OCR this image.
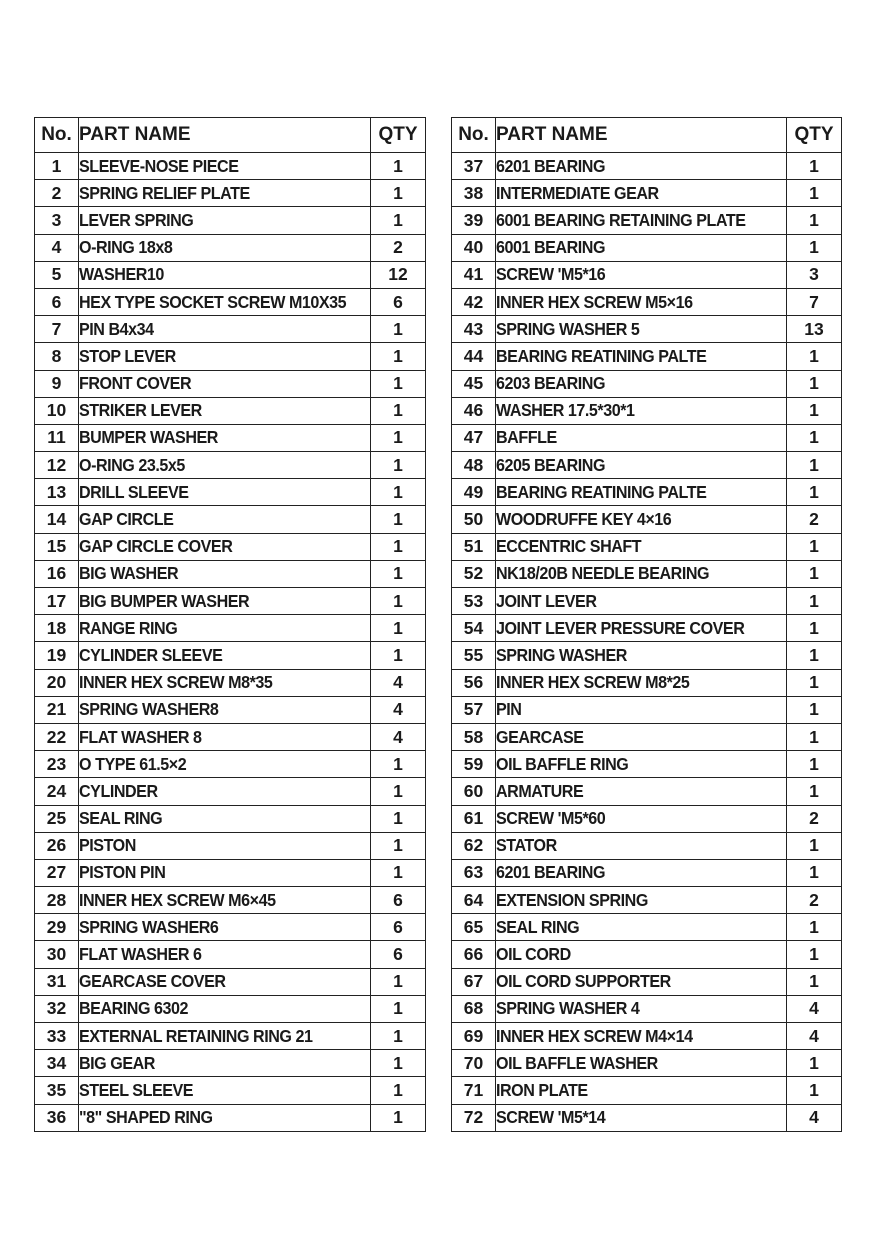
No.	PART NAME	QTY
1	SLEEVE-NOSE PIECE	1
2	SPRING RELIEF PLATE	1
3	LEVER SPRING	1
4	O-RING 18x8	2
5	WASHER10	12
6	HEX TYPE SOCKET SCREW M10X35	6
7	PIN B4x34	1
8	STOP LEVER	1
9	FRONT COVER	1
10	STRIKER LEVER	1
11	BUMPER WASHER	1
12	O-RING 23.5x5	1
13	DRILL SLEEVE	1
14	GAP CIRCLE	1
15	GAP CIRCLE COVER	1
16	BIG WASHER	1
17	BIG BUMPER WASHER	1
18	RANGE RING	1
19	CYLINDER SLEEVE	1
20	INNER HEX SCREW M8*35	4
21	SPRING WASHER8	4
22	FLAT WASHER 8	4
23	O TYPE 61.5×2	1
24	CYLINDER	1
25	SEAL RING	1
26	PISTON	1
27	PISTON PIN	1
28	INNER HEX SCREW M6×45	6
29	SPRING WASHER6	6
30	FLAT WASHER 6	6
31	GEARCASE COVER	1
32	BEARING 6302	1
33	EXTERNAL RETAINING RING 21	1
34	BIG GEAR	1
35	STEEL SLEEVE	1
36	"8" SHAPED RING	1
No.	PART NAME	QTY
37	6201 BEARING	1
38	INTERMEDIATE GEAR	1
39	6001 BEARING RETAINING PLATE	1
40	6001 BEARING	1
41	SCREW 'M5*16	3
42	INNER HEX SCREW M5×16	7
43	SPRING WASHER 5	13
44	BEARING REATINING PALTE	1
45	6203 BEARING	1
46	WASHER 17.5*30*1	1
47	BAFFLE	1
48	6205 BEARING	1
49	BEARING REATINING PALTE	1
50	WOODRUFFE KEY 4×16	2
51	ECCENTRIC SHAFT	1
52	NK18/20B NEEDLE BEARING	1
53	JOINT LEVER	1
54	JOINT LEVER PRESSURE COVER	1
55	SPRING WASHER	1
56	INNER HEX SCREW M8*25	1
57	PIN	1
58	GEARCASE	1
59	OIL BAFFLE RING	1
60	ARMATURE	1
61	SCREW 'M5*60	2
62	STATOR	1
63	6201 BEARING	1
64	EXTENSION SPRING	2
65	SEAL RING	1
66	OIL CORD	1
67	OIL CORD SUPPORTER	1
68	SPRING WASHER 4	4
69	INNER HEX SCREW M4×14	4
70	OIL BAFFLE WASHER	1
71	IRON PLATE	1
72	SCREW 'M5*14	4
